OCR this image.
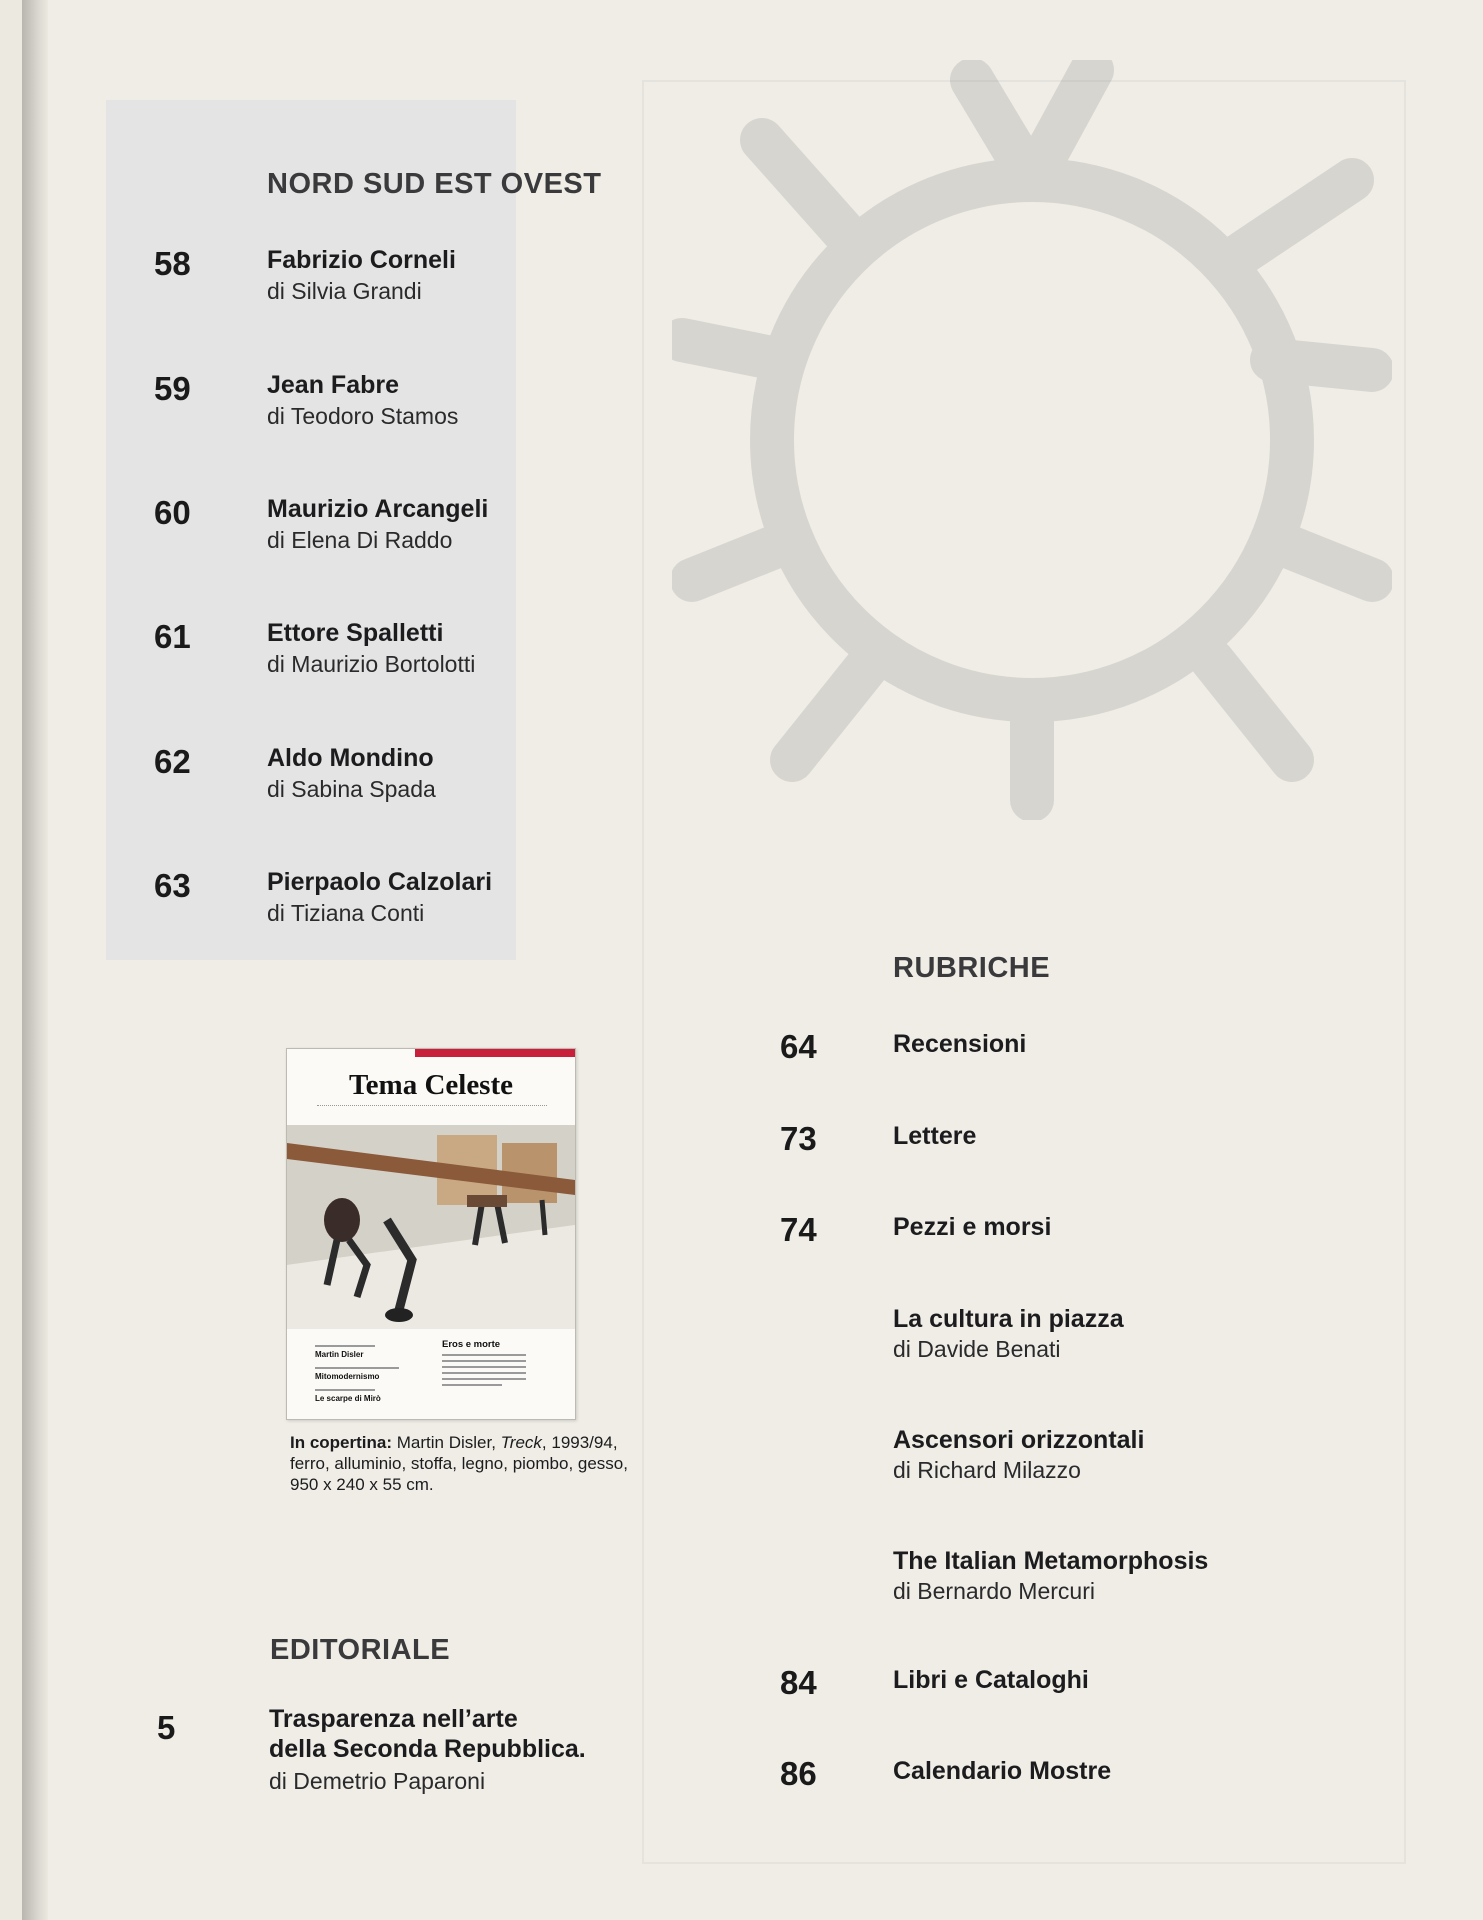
NORD SUD EST OVEST

58	Fabrizio Corneli

di Silvia Grandi

59	Jean Fabre

di Teodoro Stamos

60	Maurizio Arcangeli

di Elena Di Raddo

61	Ettore Spalletti

di Maurizio Bortolotti

62	Aldo Mondino

di Sabina Spada

63	Pierpaolo Calzolari

di Tiziana Conti

Tema Celeste

Martin Disler

Mitomodernismo

Le scarpe di Mirò

Eros e morte

In copertina: Martin Disler, Treck, 1993/94, ferro, alluminio, stoffa, legno, piombo, gesso, 950 x 240 x 55 cm.

EDITORIALE

5	Trasparenza nell’arte

della Seconda Repubblica.

di Demetrio Paparoni

RUBRICHE

64	Recensioni

73	Lettere

74	Pezzi e morsi

La cultura in piazza

di Davide Benati

Ascensori orizzontali

di Richard Milazzo

The Italian Metamorphosis

di Bernardo Mercuri

84	Libri e Cataloghi

86	Calendario Mostre
